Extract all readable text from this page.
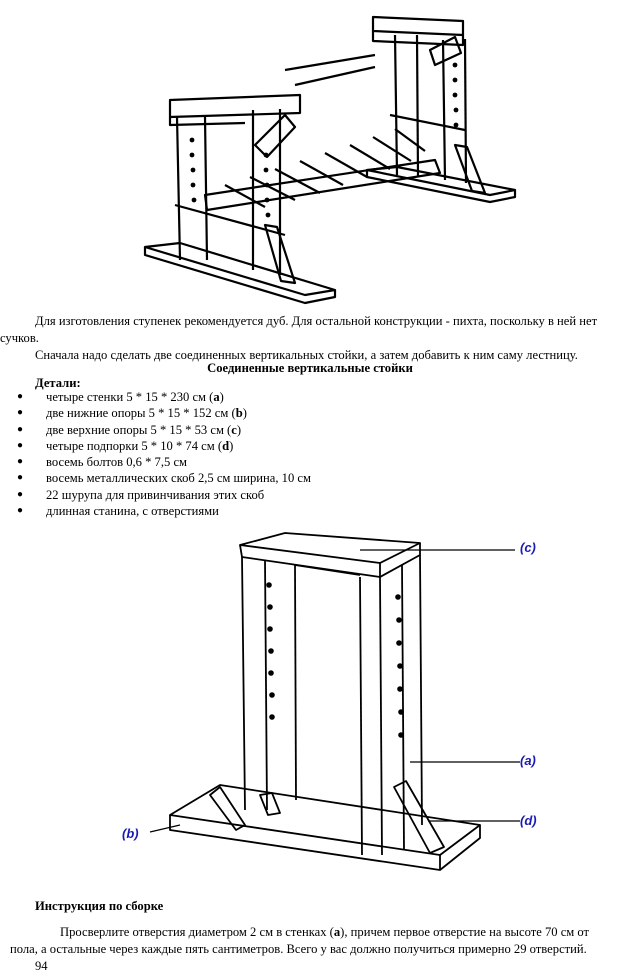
Для изготовления ступенек рекомендуется дуб. Для остальной конструкции - пихта, поскольку в ней нет
сучков.
Сначала надо сделать две соединенных вертикальных стойки, а затем добавить к ним саму лестницу.
Соединенные вертикальные стойки
Детали:
● четыре стенки 5 * 15 * 230 см (a)
● две нижние опоры 5 * 15 * 152 см (b)
● две верхние опоры 5 * 15 * 53 см (c)
● четыре подпорки 5 * 10 * 74 см (d)
● восемь болтов 0,6 * 7,5 см
● восемь металлических скоб 2,5 см ширина, 10 см
● 22 шурупа для привинчивания этих скоб
● длинная станина, с отверстиями
(c)
(a)
(d)
(b)
Инструкция по сборке
Просверлите отверстия диаметром 2 см в стенках (a), причем первое отверстие на высоте 70 см от
пола, а остальные через каждые пять сантиметров. Всего у вас должно получиться примерно 29 отверстий.
94
